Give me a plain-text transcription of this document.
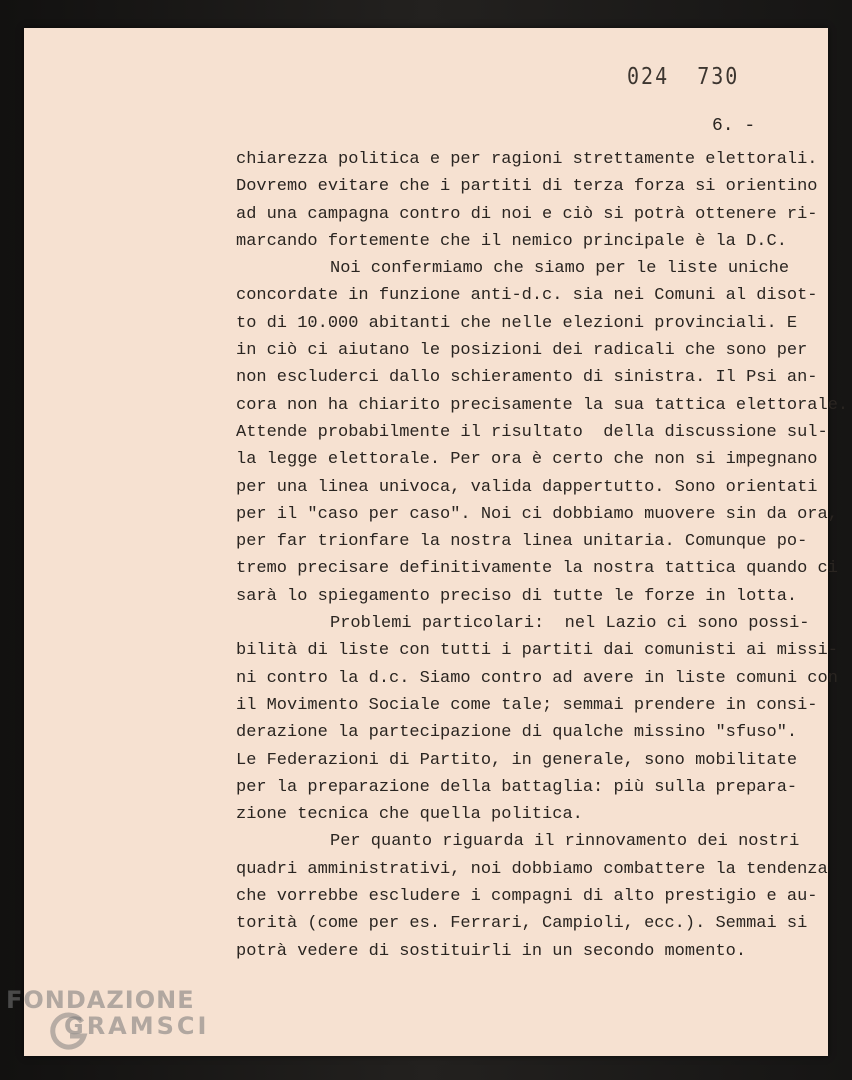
024  730
6. -
chiarezza politica e per ragioni strettamente elettorali.
Dovremo evitare che i partiti di terza forza si orientino
ad una campagna contro di noi e ciò si potrà ottenere ri-
marcando fortemente che il nemico principale è la D.C.
Noi confermiamo che siamo per le liste uniche
concordate in funzione anti-d.c. sia nei Comuni al disot-
to di 10.000 abitanti che nelle elezioni provinciali. E
in ciò ci aiutano le posizioni dei radicali che sono per
non escluderci dallo schieramento di sinistra. Il Psi an-
cora non ha chiarito precisamente la sua tattica elettorale.
Attende probabilmente il risultato  della discussione sul-
la legge elettorale. Per ora è certo che non si impegnano
per una linea univoca, valida dappertutto. Sono orientati
per il "caso per caso". Noi ci dobbiamo muovere sin da ora,
per far trionfare la nostra linea unitaria. Comunque po-
tremo precisare definitivamente la nostra tattica quando ci
sarà lo spiegamento preciso di tutte le forze in lotta.
Problemi particolari:  nel Lazio ci sono possi-
bilità di liste con tutti i partiti dai comunisti ai missi-
ni contro la d.c. Siamo contro ad avere in liste comuni con
il Movimento Sociale come tale; semmai prendere in consi-
derazione la partecipazione di qualche missino "sfuso".
Le Federazioni di Partito, in generale, sono mobilitate
per la preparazione della battaglia: più sulla prepara-
zione tecnica che quella politica.
Per quanto riguarda il rinnovamento dei nostri
quadri amministrativi, noi dobbiamo combattere la tendenza
che vorrebbe escludere i compagni di alto prestigio e au-
torità (come per es. Ferrari, Campioli, ecc.). Semmai si
potrà vedere di sostituirli in un secondo momento.
FONDAZIONE
GRAMSCI
